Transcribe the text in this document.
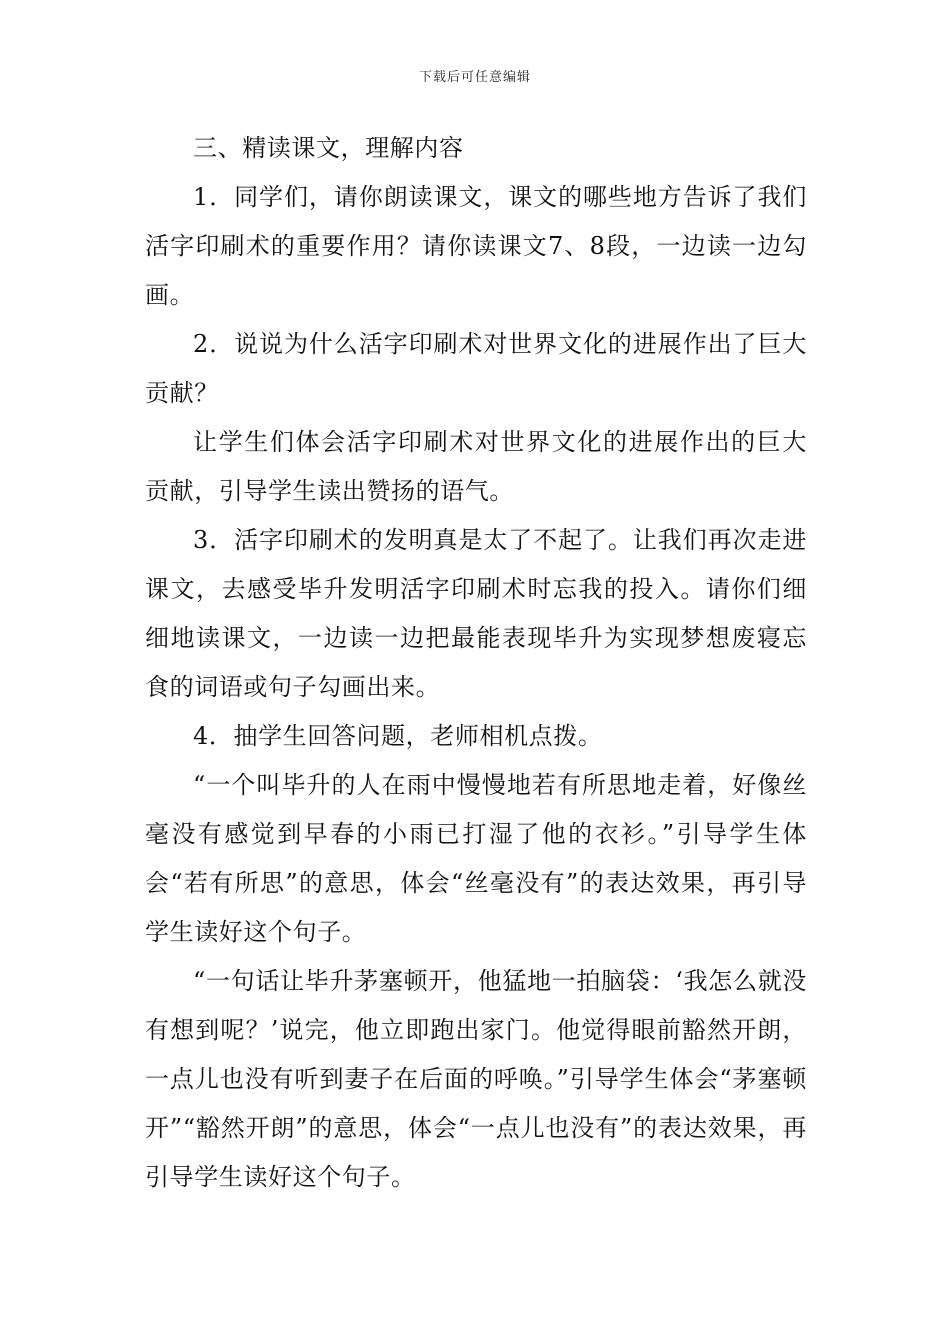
下载后可任意编辑

三、精读课文，理解内容

1．同学们，请你朗读课文，课文的哪些地方告诉了我们活字印刷术的重要作用？请你读课文7、8段，一边读一边勾画。

2．说说为什么活字印刷术对世界文化的进展作出了巨大贡献？

让学生们体会活字印刷术对世界文化的进展作出的巨大贡献，引导学生读出赞扬的语气。

3．活字印刷术的发明真是太了不起了。让我们再次走进课文，去感受毕升发明活字印刷术时忘我的投入。请你们细细地读课文，一边读一边把最能表现毕升为实现梦想废寝忘食的词语或句子勾画出来。

4．抽学生回答问题，老师相机点拨。

“一个叫毕升的人在雨中慢慢地若有所思地走着，好像丝毫没有感觉到早春的小雨已打湿了他的衣衫。”引导学生体会“若有所思”的意思，体会“丝毫没有”的表达效果，再引导学生读好这个句子。

“一句话让毕升茅塞顿开，他猛地一拍脑袋：‘我怎么就没有想到呢？’说完，他立即跑出家门。他觉得眼前豁然开朗，一点儿也没有听到妻子在后面的呼唤。”引导学生体会“茅塞顿开”“豁然开朗”的意思，体会“一点儿也没有”的表达效果，再引导学生读好这个句子。
